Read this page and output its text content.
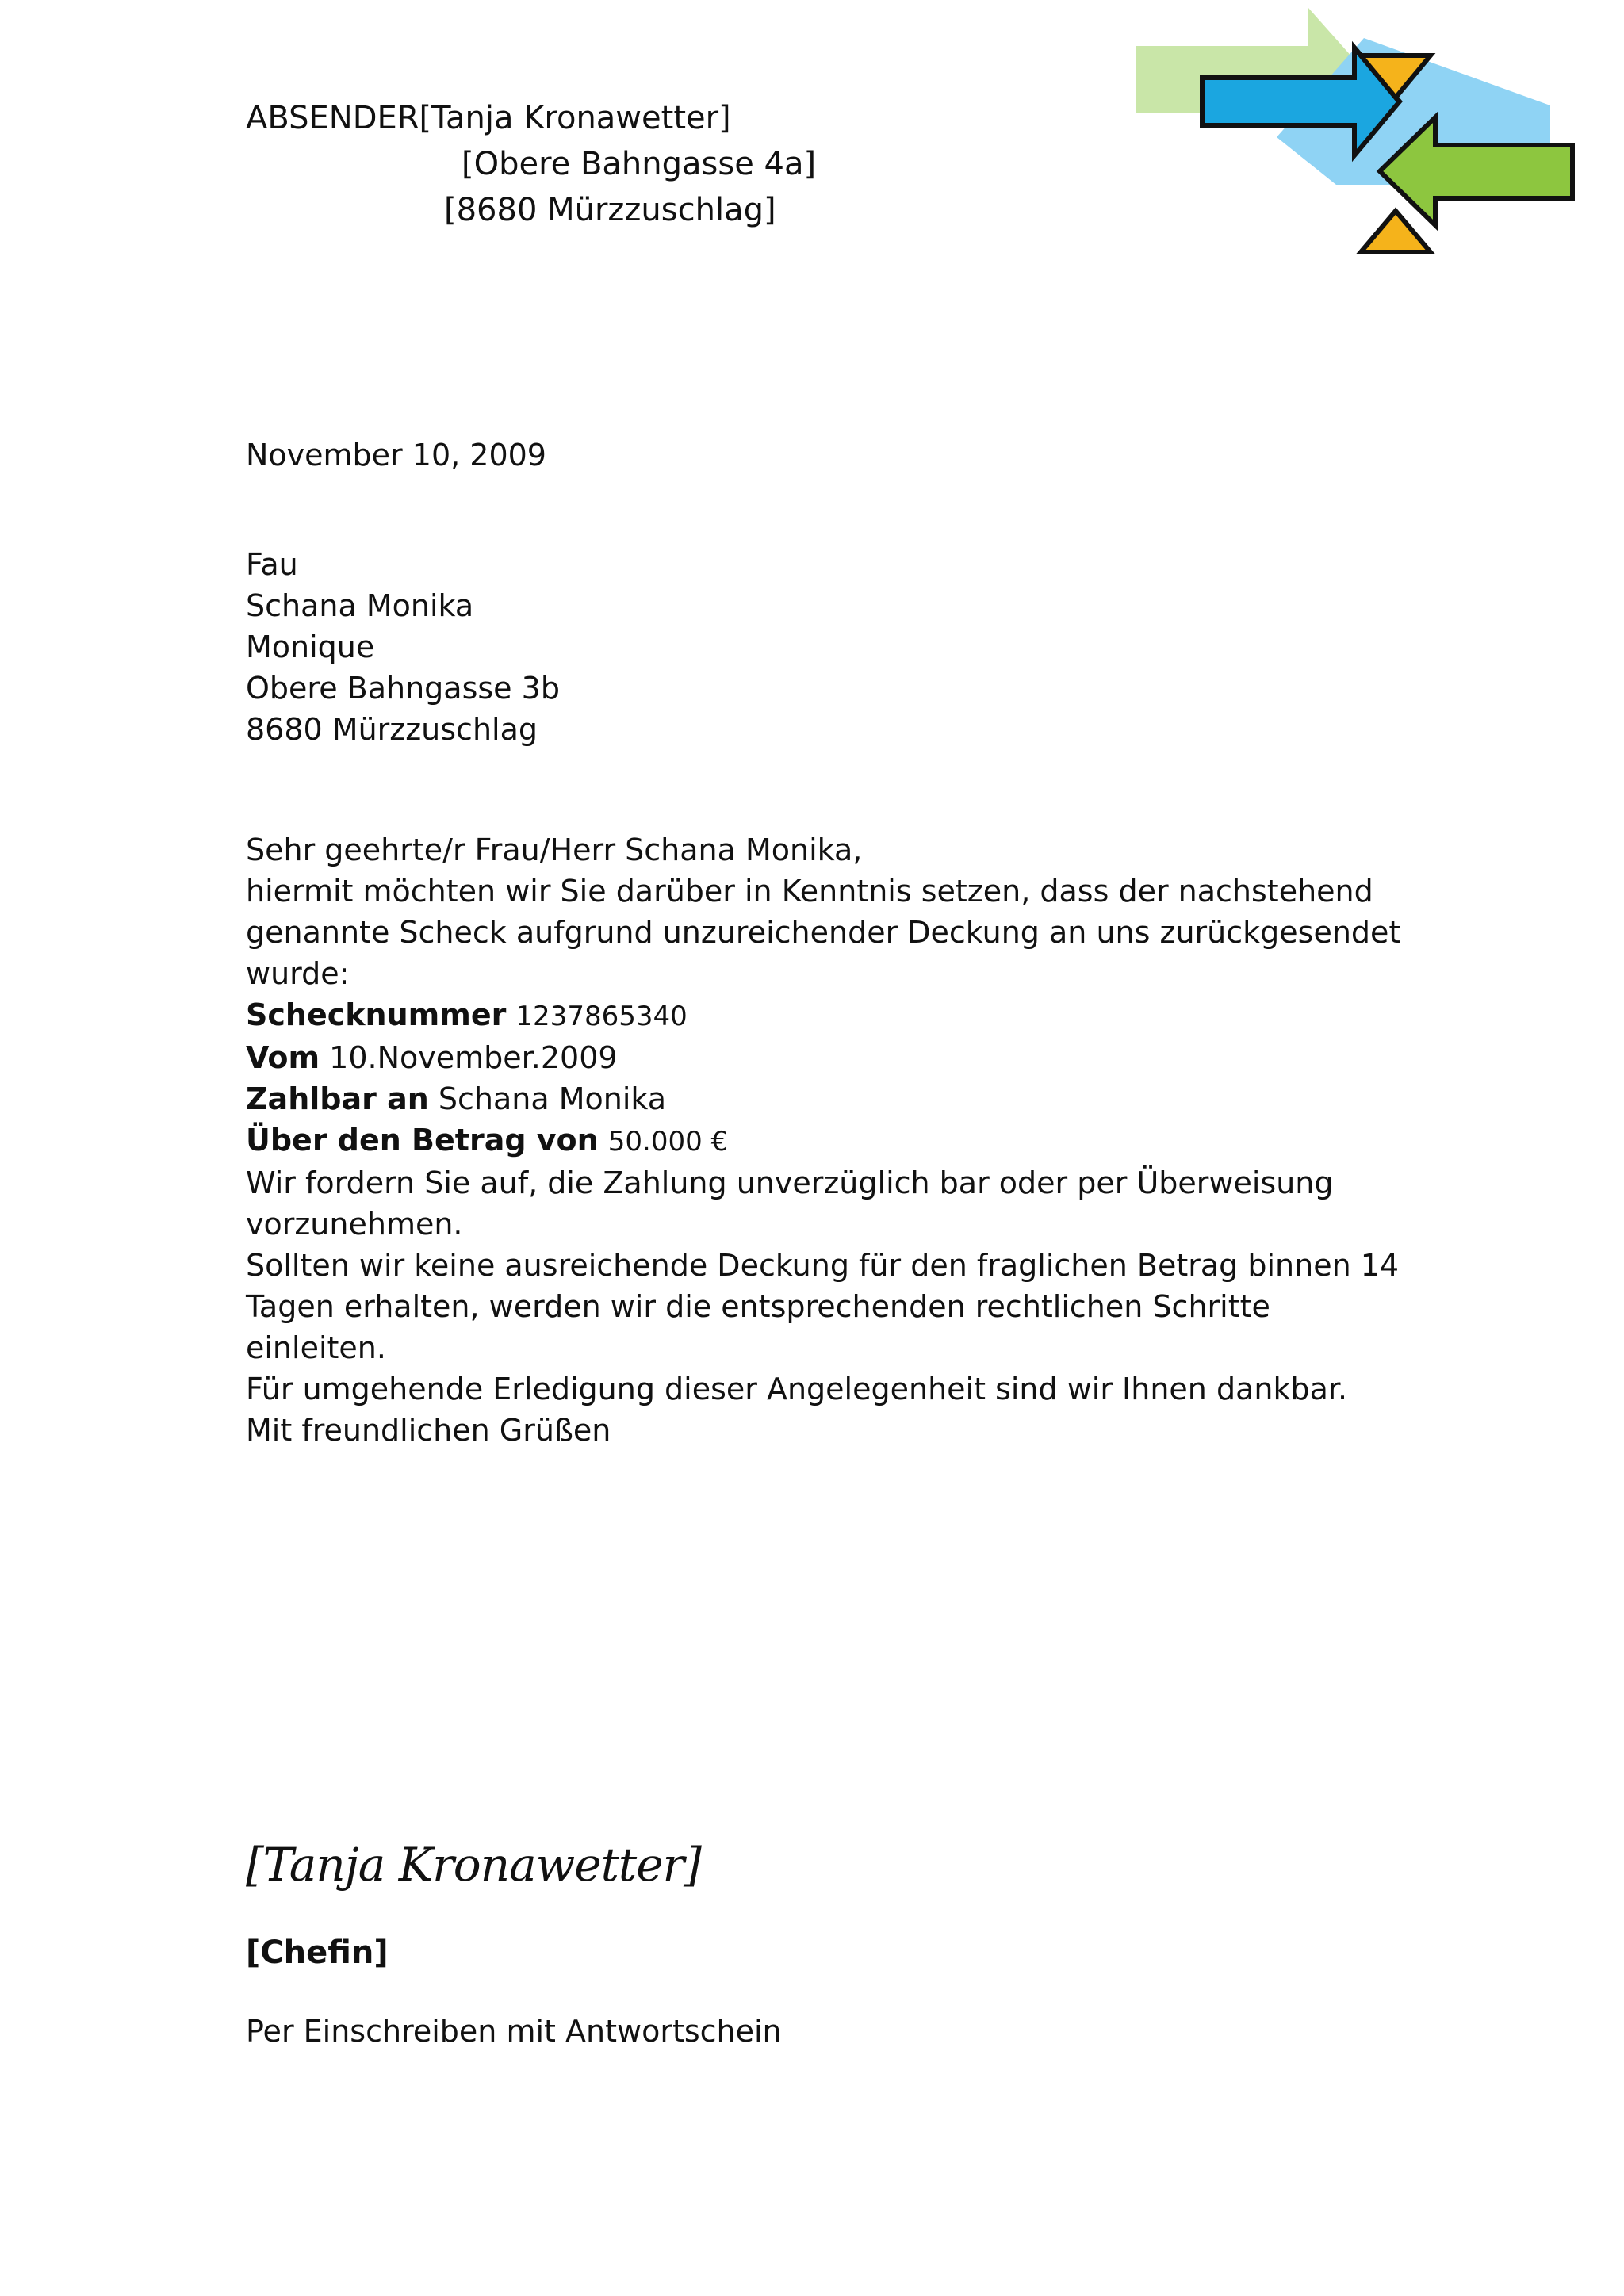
ABSENDER[Tanja Kronawetter]
[Obere Bahngasse 4a]
[8680 Mürzzuschlag]
November 10, 2009
Fau
Schana Monika
Monique
Obere Bahngasse 3b
8680 Mürzzuschlag

Sehr geehrte/r Frau/Herr Schana Monika,

hiermit möchten wir Sie darüber in Kenntnis setzen, dass der nachstehend genannte Scheck aufgrund unzureichender Deckung an uns zurückgesendet wurde:

Schecknummer 1237865340

Vom 10.November.2009

Zahlbar an Schana Monika

Über den Betrag von 50.000 €

Wir fordern Sie auf, die Zahlung unverzüglich bar oder per Überweisung vorzunehmen.

Sollten wir keine ausreichende Deckung für den fraglichen Betrag binnen 14 Tagen erhalten, werden wir die entsprechenden rechtlichen Schritte einleiten.

Für umgehende Erledigung dieser Angelegenheit sind wir Ihnen dankbar.

Mit freundlichen Grüßen

[Tanja Kronawetter]
[Chefin]
Per Einschreiben mit Antwortschein
